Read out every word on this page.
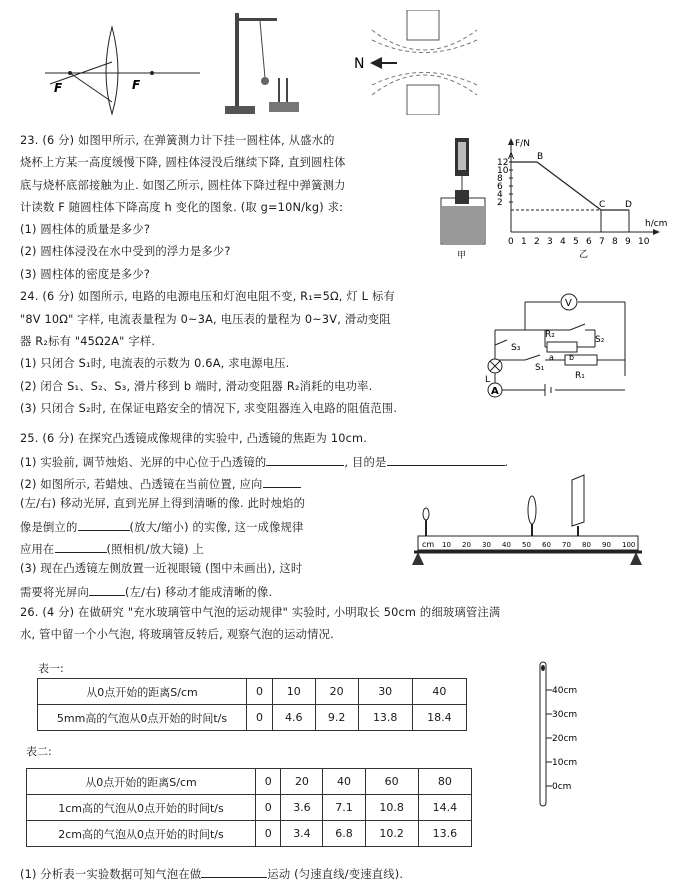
F	F
N
23. (6 分) 如图甲所示, 在弹簧测力计下挂一圆柱体, 从盛水的
烧杯上方某一高度缓慢下降, 圆柱体浸没后继续下降, 直到圆柱体
底与烧杯底部接触为止. 如图乙所示, 圆柱体下降过程中弹簧测力
计读数 F 随圆柱体下降高度 h 变化的图象. (取 g=10N/kg) 求:
(1) 圆柱体的质量是多少?
(2) 圆柱体浸没在水中受到的浮力是多少?
(3) 圆柱体的密度是多少?
甲
F/N
h/cm
12
10
8
6
4
2
0 1 2 3 4 5 6 7 8 9 10
A	B
C D
乙
24. (6 分) 如图所示, 电路的电源电压和灯泡电阻不变, R₁=5Ω, 灯 L 标有
"8V 10Ω" 字样, 电流表量程为 0~3A, 电压表的量程为 0~3V, 滑动变阻
器 R₂标有 "45Ω2A" 字样.
(1) 只闭合 S₁时, 电流表的示数为 0.6A, 求电源电压.
(2) 闭合 S₁、S₂、S₃, 滑片移到 b 端时, 滑动变阻器 R₂消耗的电功率.
(3) 只闭合 S₂时, 在保证电路安全的情况下, 求变阻器连入电路的阻值范围.
V
A
R₂
R₁
S₁
S₂
S₃
L
a b
25. (6 分) 在探究凸透镜成像规律的实验中, 凸透镜的焦距为 10cm.
(1) 实验前, 调节烛焰、光屏的中心位于凸透镜的	, 目的是	.
(2) 如图所示, 若蜡烛、凸透镜在当前位置, 应向
(左/右) 移动光屏, 直到光屏上得到清晰的像. 此时烛焰的
像是倒立的	(放大/缩小) 的实像, 这一成像规律
应用在	(照相机/放大镜) 上
(3) 现在凸透镜左侧放置一近视眼镜 (图中未画出), 这时
需要将光屏向	(左/右) 移动才能成清晰的像.
cm 10 20 30 40 50 60 70 80 90 100
26. (4 分) 在做研究 "充水玻璃管中气泡的运动规律" 实验时, 小明取长 50cm 的细玻璃管注满
水, 管中留一个小气泡, 将玻璃管反转后, 观察气泡的运动情况.
表一:
从0点开始的距离S/cm	0	10	20	30	40
5mm高的气泡从0点开始的时间t/s	0	4.6	9.2	13.8	18.4
表二:
从0点开始的距离S/cm	0	20	40	60	80
1cm高的气泡从0点开始的时间t/s	0	3.6	7.1	10.8	14.4
2cm高的气泡从0点开始的时间t/s	0	3.4	6.8	10.2	13.6
40cm
30cm
20cm
10cm
0cm
(1) 分析表一实验数据可知气泡在做	运动 (匀速直线/变速直线).
